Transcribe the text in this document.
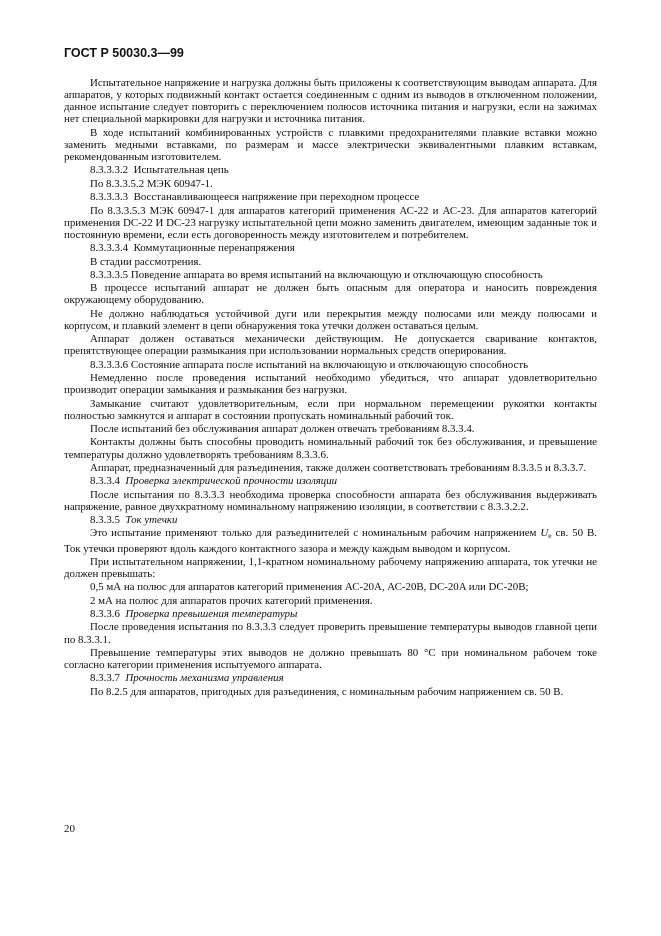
ГОСТ Р 50030.3—99

Испытательное напряжение и нагрузка должны быть приложены к соответствующим выводам аппарата. Для аппаратов, у которых подвижный контакт остается соединенным с одним из выводов в отключенном положении, данное испытание следует повторить с переключением полюсов источника питания и нагрузки, если на зажимах нет специальной маркировки для нагрузки и источника питания.

В ходе испытаний комбинированных устройств с плавкими предохранителями плавкие вставки можно заменить медными вставками, по размерам и массе электрически эквивалентными плавким вставкам, рекомендованным изготовителем.

8.3.3.3.2 Испытательная цепь

По 8.3.3.5.2 МЭК 60947-1.

8.3.3.3.3 Восстанавливающееся напряжение при переходном процессе

По 8.3.3.5.3 МЭК 60947-1 для аппаратов категорий применения АС-22 и АС-23. Для аппаратов категорий применения DC-22 И DC-23 нагрузку испытательной цепи можно заменить двигателем, имеющим заданные ток и постоянную времени, если есть договоренность между изготовителем и потребителем.

8.3.3.3.4 Коммутационные перенапряжения

В стадии рассмотрения.

8.3.3.3.5 Поведение аппарата во время испытаний на включающую и отключающую способность

В процессе испытаний аппарат не должен быть опасным для оператора и наносить повреждения окружающему оборудованию.

Не должно наблюдаться устойчивой дуги или перекрытия между полюсами или между полюсами и корпусом, и плавкий элемент в цепи обнаружения тока утечки должен оставаться целым.

Аппарат должен оставаться механически действующим. Не допускается сваривание контактов, препятствующее операции размыкания при использовании нормальных средств оперирования.

8.3.3.3.6 Состояние аппарата после испытаний на включающую и отключающую способность

Немедленно после проведения испытаний необходимо убедиться, что аппарат удовлетворительно производит операции замыкания и размыкания без нагрузки.

Замыкание считают удовлетворительным, если при нормальном перемещении рукоятки контакты полностью замкнутся и аппарат в состоянии пропускать номинальный рабочий ток.

После испытаний без обслуживания аппарат должен отвечать требованиям 8.3.3.4.

Контакты должны быть способны проводить номинальный рабочий ток без обслуживания, и превышение температуры должно удовлетворять требованиям 8.3.3.6.

Аппарат, предназначенный для разъединения, также должен соответствовать требованиям 8.3.3.5 и 8.3.3.7.

8.3.3.4 Проверка электрической прочности изоляции

После испытания по 8.3.3.3 необходима проверка способности аппарата без обслуживания выдерживать напряжение, равное двухкратному номинальному напряжению изоляции, в соответствии с 8.3.3.2.2.

8.3.3.5 Ток утечки

Это испытание применяют только для разъединителей с номинальным рабочим напряжением $U_e$ св. 50 В. Ток утечки проверяют вдоль каждого контактного зазора и между каждым выводом и корпусом.

При испытательном напряжении, 1,1-кратном номинальному рабочему напряжению аппарата, ток утечки не должен превышать:

0,5 мА на полюс для аппаратов категорий применения АС-20А, АС-20В, DC-20A или DC-20B;

2 мА на полюс для аппаратов прочих категорий применения.

8.3.3.6 Проверка превышения температуры

После проведения испытания по 8.3.3.3 следует проверить превышение температуры выводов главной цепи по 8.3.3.1.

Превышение температуры этих выводов не должно превышать 80 °С при номинальном рабочем токе согласно категории применения испытуемого аппарата.

8.3.3.7 Прочность механизма управления

По 8.2.5 для аппаратов, пригодных для разъединения, с номинальным рабочим напряжением св. 50 В.

20
